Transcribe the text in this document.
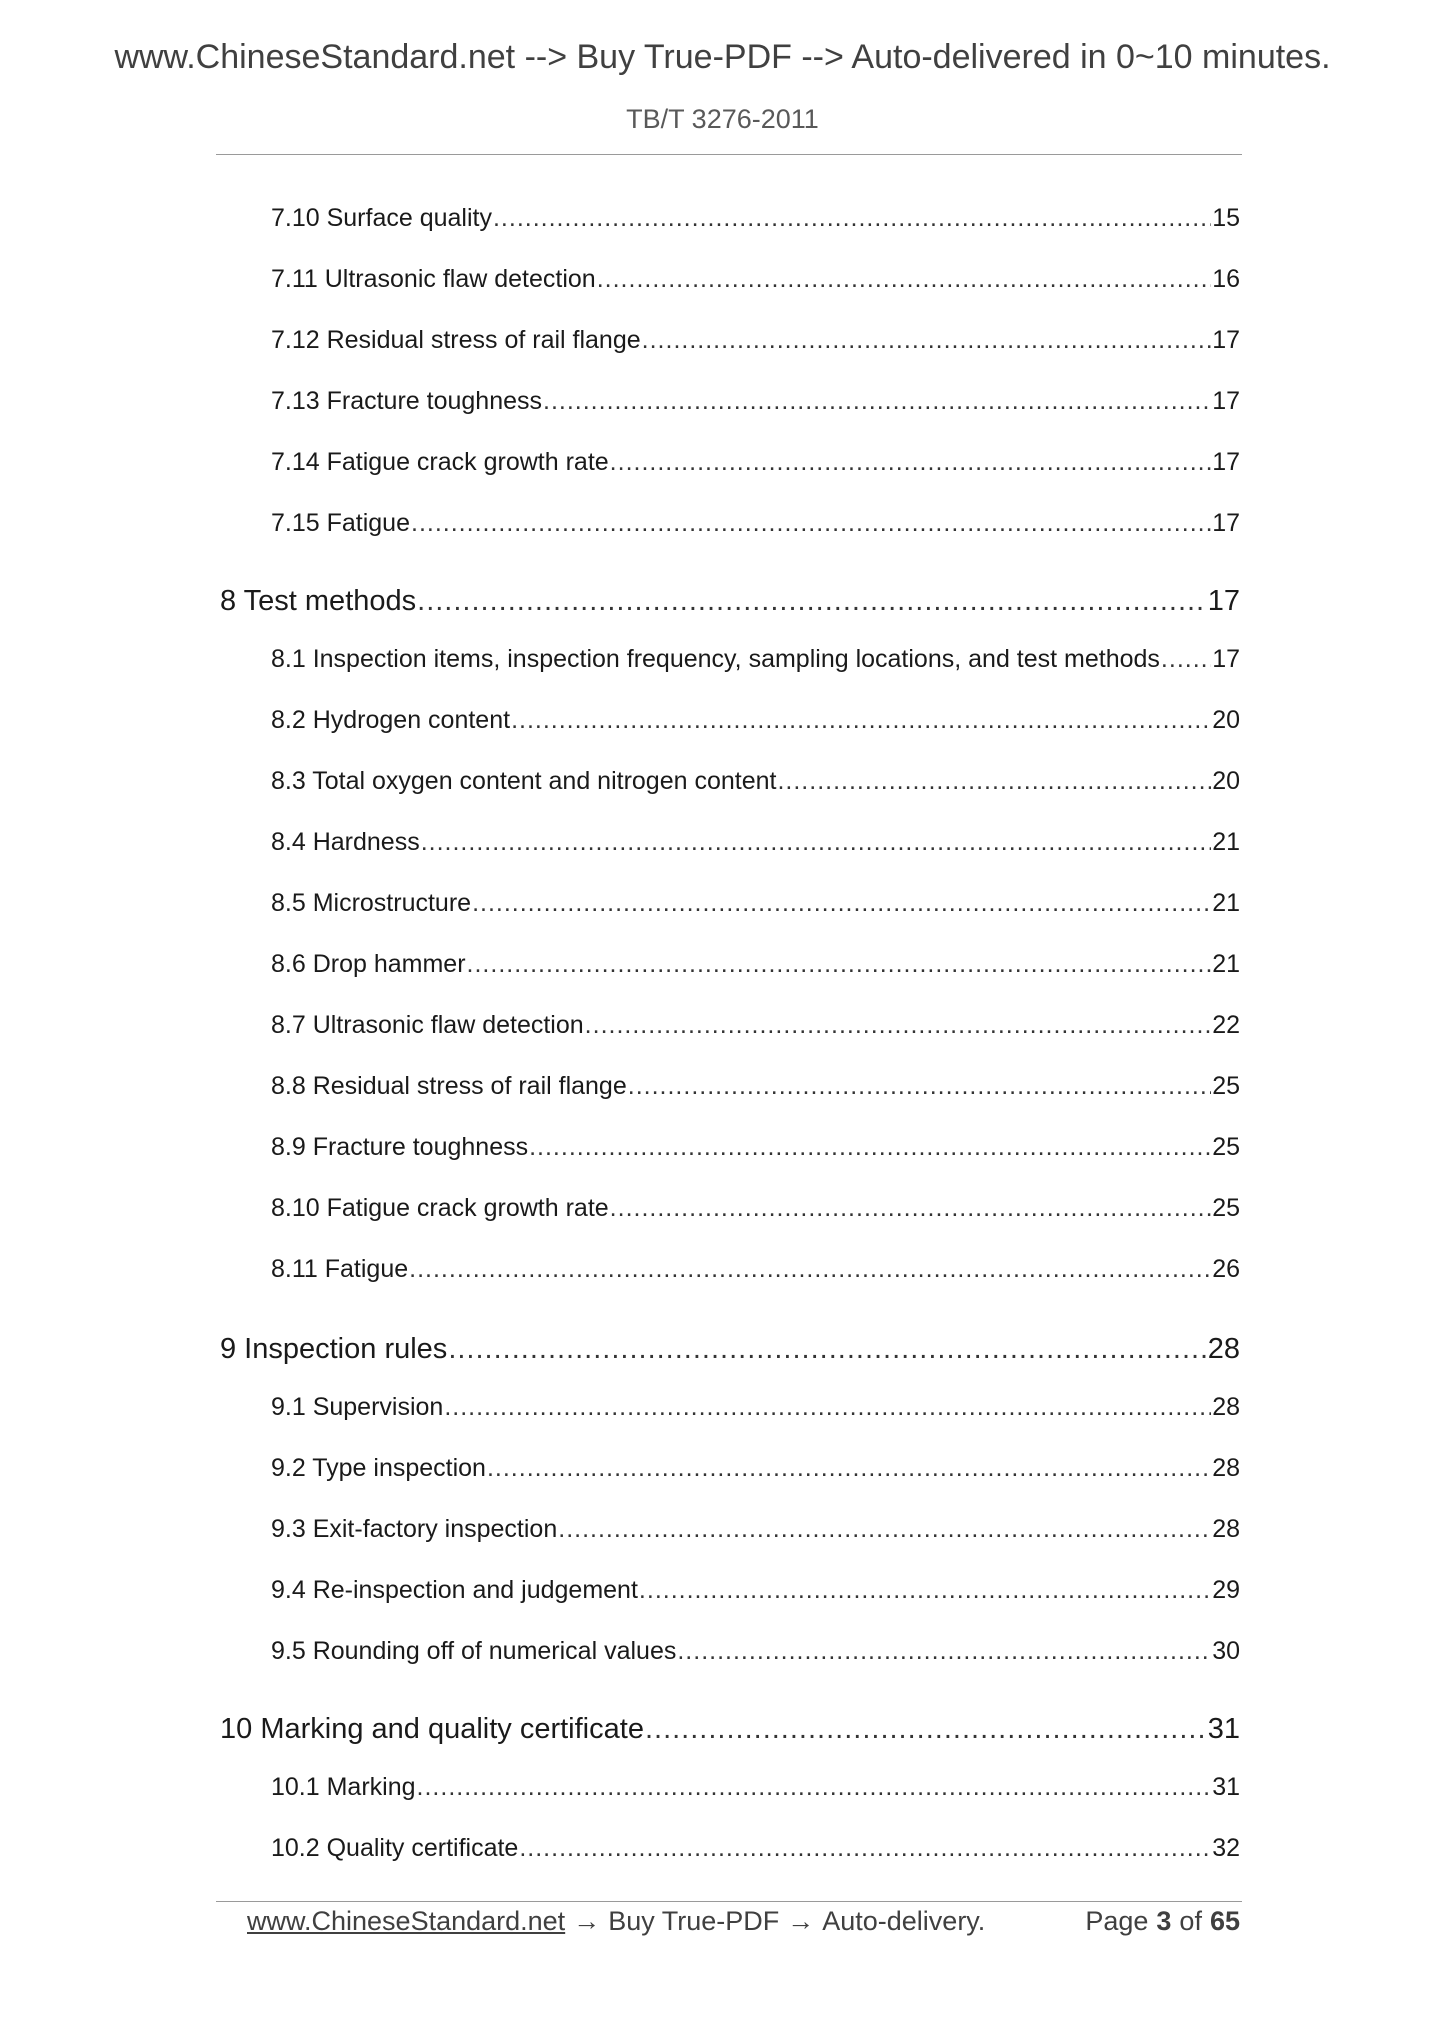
www.ChineseStandard.net --> Buy True-PDF --> Auto-delivered in 0~10 minutes.
TB/T 3276-2011
7.10 Surface quality .....	15
7.11 Ultrasonic flaw detection .....	16
7.12 Residual stress of rail flange .....	17
7.13 Fracture toughness .....	17
7.14 Fatigue crack growth rate .....	17
7.15 Fatigue .....	17
8 Test methods .....	17
8.1 Inspection items, inspection frequency, sampling locations, and test methods ..... 17
8.2 Hydrogen content .....	20
8.3 Total oxygen content and nitrogen content .....	20
8.4 Hardness .....	21
8.5 Microstructure .....	21
8.6 Drop hammer .....	21
8.7 Ultrasonic flaw detection .....	22
8.8 Residual stress of rail flange .....	25
8.9 Fracture toughness .....	25
8.10 Fatigue crack growth rate .....	25
8.11 Fatigue .....	26
9 Inspection rules .....	28
9.1 Supervision .....	28
9.2 Type inspection .....	28
9.3 Exit-factory inspection .....	28
9.4 Re-inspection and judgement .....	29
9.5 Rounding off of numerical values .....	30
10 Marking and quality certificate .....	31
10.1 Marking .....	31
10.2 Quality certificate .....	32
www.ChineseStandard.net → Buy True-PDF → Auto-delivery.	Page 3 of 65
